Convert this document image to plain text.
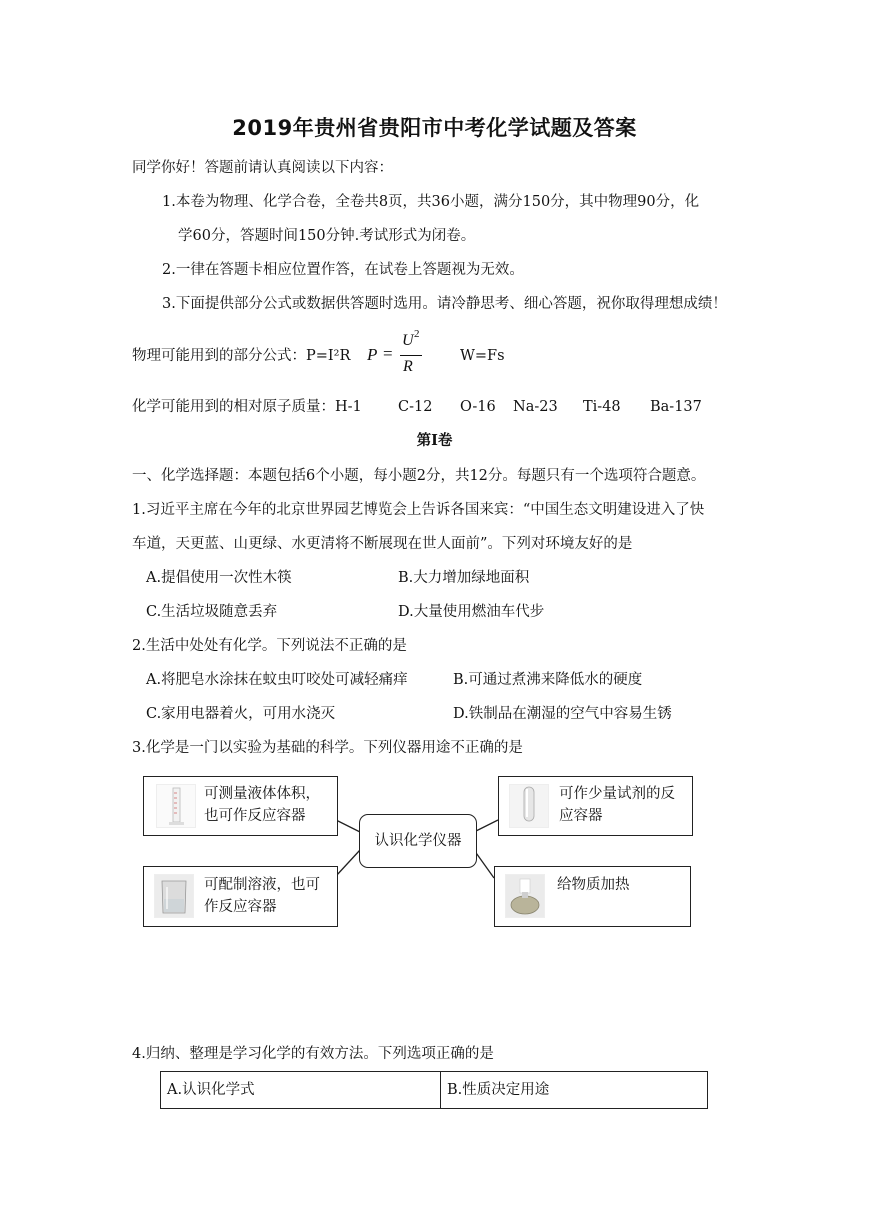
2019年贵州省贵阳市中考化学试题及答案
同学你好！答题前请认真阅读以下内容：
1.本卷为物理、化学合卷，全卷共8页，共36小题，满分150分，其中物理90分，化
学60分，答题时间150分钟.考试形式为闭卷。
2.一律在答题卡相应位置作答，在试卷上答题视为无效。
3.下面提供部分公式或数据供答题时选用。请冷静思考、细心答题，祝你取得理想成绩！
物理可能用到的部分公式：P=I²R P =
U 2
R
W=Fs
化学可能用到的相对原子质量：H-1 C-12 O-16 Na-23 Ti-48 Ba-137
第Ⅰ卷
一、化学选择题：本题包括6个小题，每小题2分，共12分。每题只有一个选项符合题意。
1.习近平主席在今年的北京世界园艺博览会上告诉各国来宾：“中国生态文明建设进入了快
车道，天更蓝、山更绿、水更清将不断展现在世人面前”。下列对环境友好的是
A.提倡使用一次性木筷	B.大力增加绿地面积
C.生活垃圾随意丢弃	D.大量使用燃油车代步
2.生活中处处有化学。下列说法不正确的是
A.将肥皂水涂抹在蚊虫叮咬处可减轻痛痒	B.可通过煮沸来降低水的硬度
C.家用电器着火，可用水浇灭	D.铁制品在潮湿的空气中容易生锈
3.化学是一门以实验为基础的科学。下列仪器用途不正确的是
可测量液体体积，也可作反应容器
可作少量试剂的反应容器
认识化学仪器
可配制溶液，也可作反应容器
给物质加热
4.归纳、整理是学习化学的有效方法。下列选项正确的是
A.认识化学式	B.性质决定用途
